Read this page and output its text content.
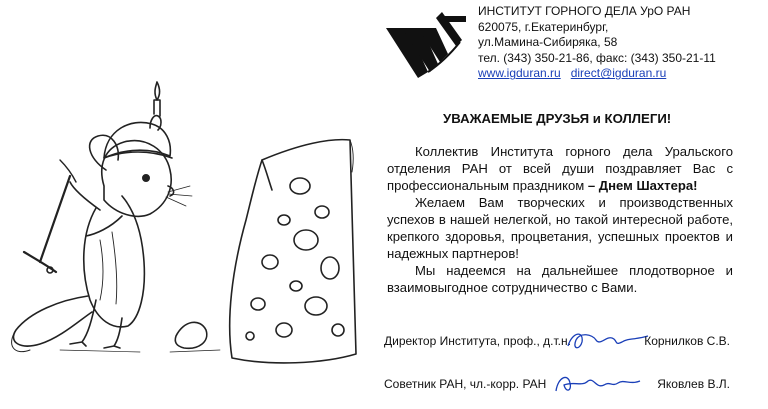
ИНСТИТУТ ГОРНОГО ДЕЛА УрО РАН
620075, г.Екатеринбург,
ул.Мамина-Сибиряка, 58
тел. (343) 350-21-86, факс: (343) 350-21-11
www.igduran.ru direct@igduran.ru
УВАЖАЕМЫЕ ДРУЗЬЯ и КОЛЛЕГИ!

Коллектив Института горного дела Уральского отделения РАН от всей души поздравляет Вас с профессиональным праздником – Днем Шахтера!

Желаем Вам творческих и производственных успехов в нашей нелегкой, но такой интересной работе, крепкого здоровья, процветания, успешных проектов и надежных партнеров!

Мы надеемся на дальнейшее плодотворное и взаимовыгодное сотрудничество с Вами.

Директор Института, проф., д.т.н.	Корнилков С.В.
Советник РАН, чл.-корр. РАН	Яковлев В.Л.
